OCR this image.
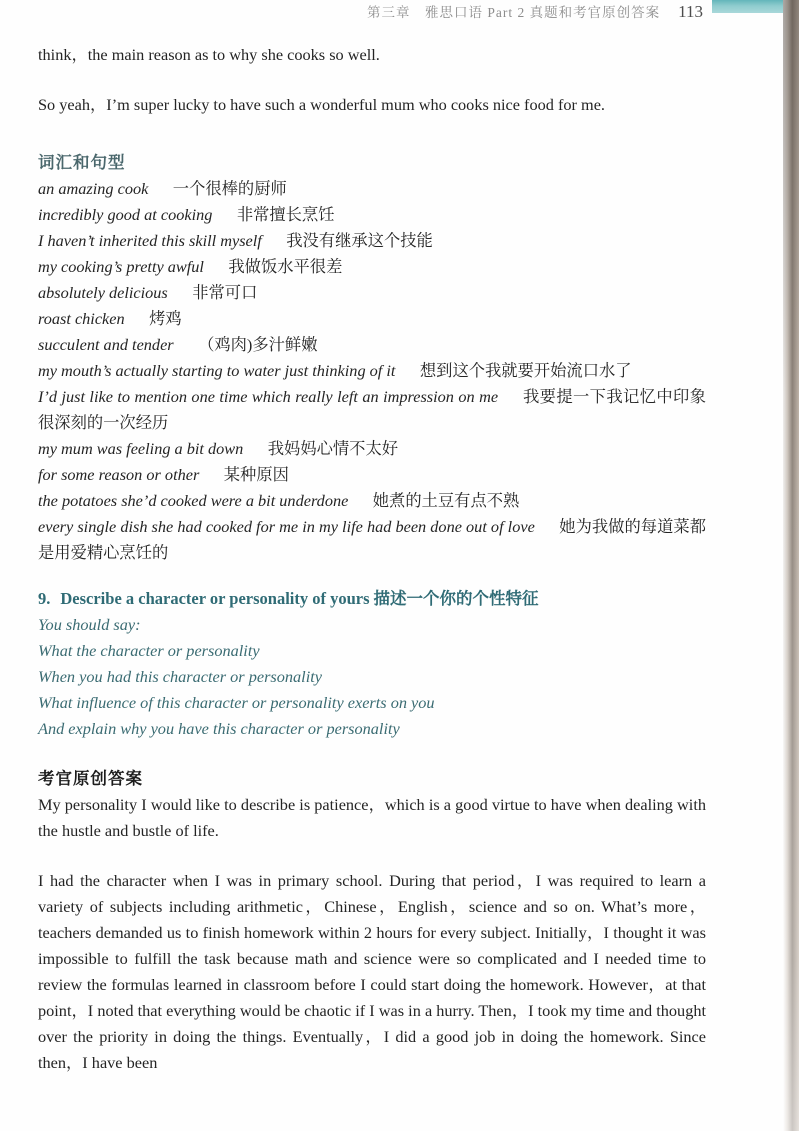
第三章　雅思口语 Part 2 真题和考官原创答案 113

think，the main reason as to why she cooks so well.

So yeah，I’m super lucky to have such a wonderful mum who cooks nice food for me.

词汇和句型
an amazing cook 一个很棒的厨师
incredibly good at cooking 非常擅长烹饪
I haven’t inherited this skill myself 我没有继承这个技能
my cooking’s pretty awful 我做饭水平很差
absolutely delicious 非常可口
roast chicken 烤鸡
succulent and tender （鸡肉)多汁鲜嫩
my mouth’s actually starting to water just thinking of it 想到这个我就要开始流口水了
I’d just like to mention one time which really left an impression on me 我要提一下我记忆中印象很深刻的一次经历
my mum was feeling a bit down 我妈妈心情不太好
for some reason or other 某种原因
the potatoes she’d cooked were a bit underdone 她煮的土豆有点不熟
every single dish she had cooked for me in my life had been done out of love 她为我做的每道菜都是用爱精心烹饪的
9. Describe a character or personality of yours 描述一个你的个性特征
You should say:
What the character or personality
When you had this character or personality
What influence of this character or personality exerts on you
And explain why you have this character or personality
考官原创答案

My personality I would like to describe is patience，which is a good virtue to have when dealing with the hustle and bustle of life.

I had the character when I was in primary school. During that period，I was required to learn a variety of subjects including arithmetic，Chinese，English，science and so on. What’s more，teachers demanded us to finish homework within 2 hours for every subject. Initially，I thought it was impossible to fulfill the task because math and science were so complicated and I needed time to review the formulas learned in classroom before I could start doing the homework. However，at that point，I noted that everything would be chaotic if I was in a hurry. Then，I took my time and thought over the priority in doing the things. Eventually，I did a good job in doing the homework. Since then，I have been
